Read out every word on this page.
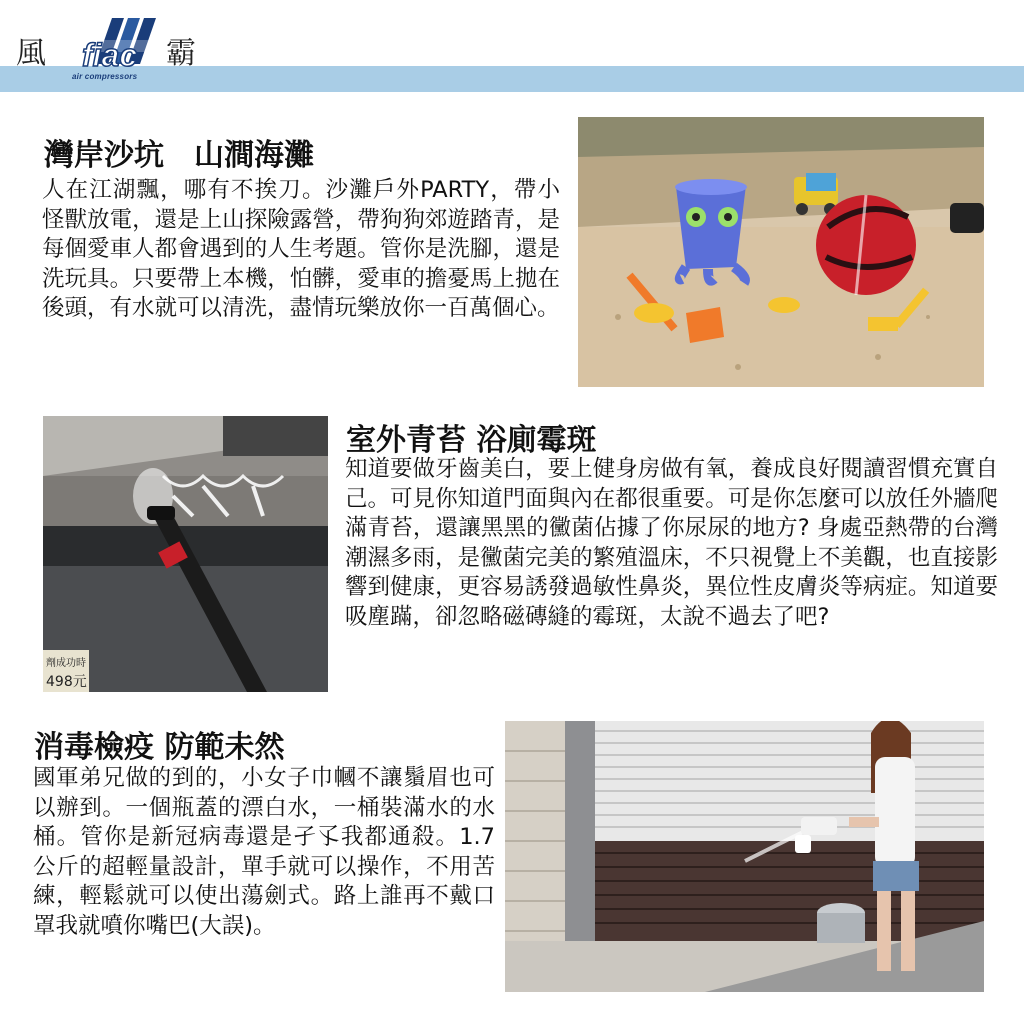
風 fiac
air compressors
霸
灣岸沙坑　山澗海灘

人在江湖飄，哪有不挨刀。沙灘戶外PARTY，帶小怪獸放電，還是上山探險露營，帶狗狗郊遊踏青，是每個愛車人都會遇到的人生考題。管你是洗腳，還是洗玩具。只要帶上本機，怕髒，愛車的擔憂馬上拋在後頭，有水就可以清洗，盡情玩樂放你一百萬個心。

劑成功時
498元
室外青苔 浴廁霉斑

知道要做牙齒美白，要上健身房做有氧，養成良好閱讀習慣充實自己。可見你知道門面與內在都很重要。可是你怎麼可以放任外牆爬滿青苔，還讓黑黑的黴菌佔據了你尿尿的地方? 身處亞熱帶的台灣潮濕多雨，是黴菌完美的繁殖溫床，不只視覺上不美觀，也直接影響到健康，更容易誘發過敏性鼻炎，異位性皮膚炎等病症。知道要吸塵蹣，卻忽略磁磚縫的霉斑，太說不過去了吧?

消毒檢疫 防範未然

國軍弟兄做的到的，小女子巾幗不讓鬚眉也可以辦到。一個瓶蓋的漂白水，一桶裝滿水的水桶。管你是新冠病毒還是孑孓我都通殺。1.7公斤的超輕量設計，單手就可以操作，不用苦練，輕鬆就可以使出蕩劍式。路上誰再不戴口罩我就噴你嘴巴(大誤)。
